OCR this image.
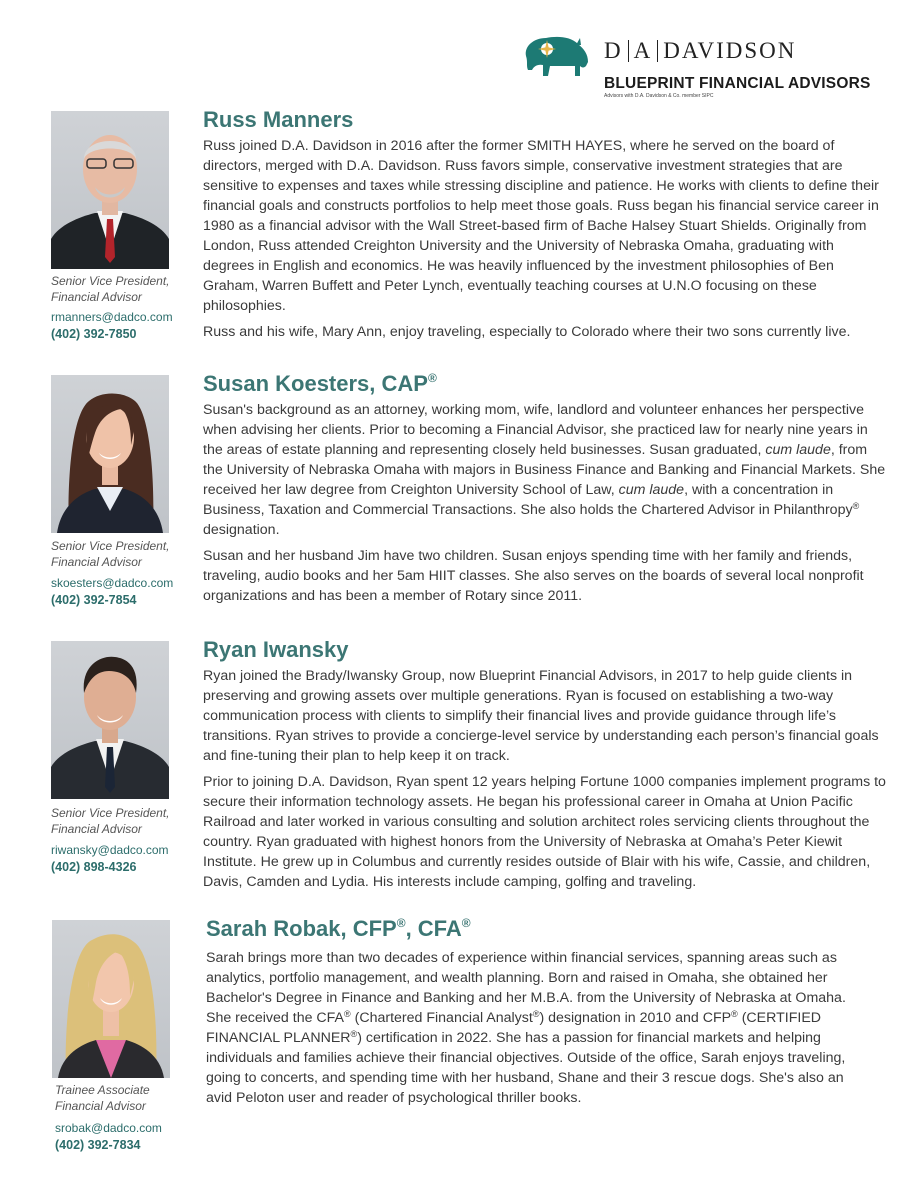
D A DAVIDSON
BLUEPRINT FINANCIAL ADVISORS
Advisors with D.A. Davidson & Co. member SIPC
Senior Vice President,
Financial Advisor
rmanners@dadco.com
(402) 392-7850
Russ Manners

Russ joined D.A. Davidson in 2016 after the former SMITH HAYES, where he served on the board of directors, merged with D.A. Davidson. Russ favors simple, conservative investment strategies that are sensitive to expenses and taxes while stressing discipline and patience. He works with clients to define their financial goals and constructs portfolios to help meet those goals. Russ began his financial service career in 1980 as a financial advisor with the Wall Street-based firm of Bache Halsey Stuart Shields. Originally from London, Russ attended Creighton University and the University of Nebraska Omaha, graduating with degrees in English and economics. He was heavily influenced by the investment philosophies of Ben Graham, Warren Buffett and Peter Lynch, eventually teaching courses at U.N.O focusing on these philosophies.

Russ and his wife, Mary Ann, enjoy traveling, especially to Colorado where their two sons currently live.

Senior Vice President,
Financial Advisor
skoesters@dadco.com
(402) 392-7854
Susan Koesters, CAP®

Susan's background as an attorney, working mom, wife, landlord and volunteer enhances her perspective when advising her clients. Prior to becoming a Financial Advisor, she practiced law for nearly nine years in the areas of estate planning and representing closely held businesses. Susan graduated, cum laude, from the University of Nebraska Omaha with majors in Business Finance and Banking and Financial Markets. She received her law degree from Creighton University School of Law, cum laude, with a concentration in Business, Taxation and Commercial Transactions. She also holds the Chartered Advisor in Philanthropy® designation.

Susan and her husband Jim have two children. Susan enjoys spending time with her family and friends, traveling, audio books and her 5am HIIT classes. She also serves on the boards of several local nonprofit organizations and has been a member of Rotary since 2011.

Senior Vice President,
Financial Advisor
riwansky@dadco.com
(402) 898-4326
Ryan Iwansky

Ryan joined the Brady/Iwansky Group, now Blueprint Financial Advisors, in 2017 to help guide clients in preserving and growing assets over multiple generations. Ryan is focused on establishing a two-way communication process with clients to simplify their financial lives and provide guidance through life’s transitions. Ryan strives to provide a concierge-level service by understanding each person’s financial goals and fine-tuning their plan to help keep it on track.

Prior to joining D.A. Davidson, Ryan spent 12 years helping Fortune 1000 companies implement programs to secure their information technology assets. He began his professional career in Omaha at Union Pacific Railroad and later worked in various consulting and solution architect roles servicing clients throughout the country. Ryan graduated with highest honors from the University of Nebraska at Omaha’s Peter Kiewit Institute. He grew up in Columbus and currently resides outside of Blair with his wife, Cassie, and children, Davis, Camden and Lydia. His interests include camping, golfing and traveling.

Trainee Associate
Financial Advisor
srobak@dadco.com
(402) 392-7834
Sarah Robak, CFP®, CFA®

Sarah brings more than two decades of experience within financial services, spanning areas such as analytics, portfolio management, and wealth planning. Born and raised in Omaha, she obtained her Bachelor's Degree in Finance and Banking and her M.B.A. from the University of Nebraska at Omaha. She received the CFA® (Chartered Financial Analyst®) designation in 2010 and CFP® (CERTIFIED FINANCIAL PLANNER®) certification in 2022. She has a passion for financial markets and helping individuals and families achieve their financial objectives. Outside of the office, Sarah enjoys traveling, going to concerts, and spending time with her husband, Shane and their 3 rescue dogs. She's also an avid Peloton user and reader of psychological thriller books.
